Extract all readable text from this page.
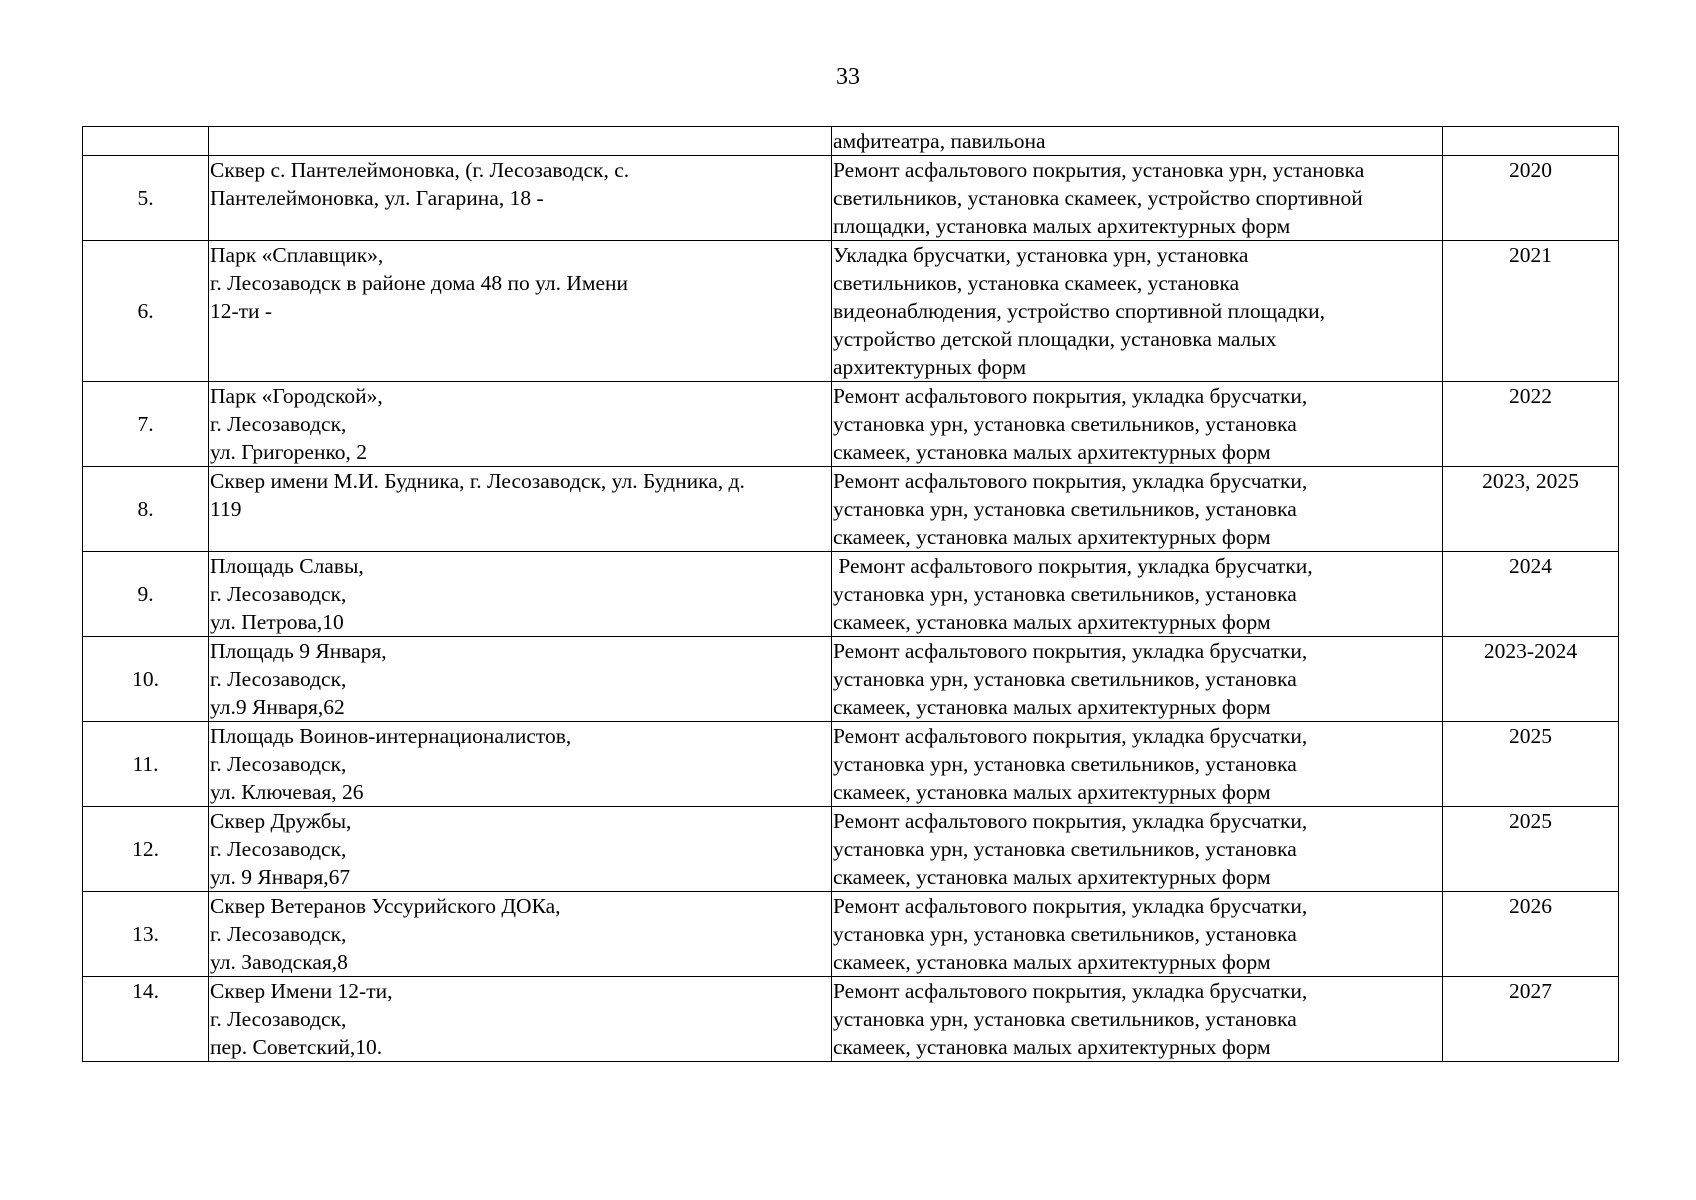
33

		амфитеатра, павильона	

5.	Сквер с. Пантелеймоновка, (г. Лесозаводск, с.
Пантелеймоновка, ул. Гагарина, 18 -	Ремонт асфальтового покрытия, установка урн, установка
светильников, установка скамеек, устройство спортивной
площадки, установка малых архитектурных форм	2020
6.	Парк «Сплавщик»,
г. Лесозаводск в районе дома 48 по ул. Имени
12-ти -	Укладка брусчатки, установка урн, установка
светильников, установка скамеек, установка
видеонаблюдения, устройство спортивной площадки,
устройство детской площадки, установка малых
архитектурных форм	2021
7.	Парк «Городской»,
г. Лесозаводск,
ул. Григоренко, 2	Ремонт асфальтового покрытия, укладка брусчатки,
установка урн, установка светильников, установка
скамеек, установка малых архитектурных форм	2022
8.	Сквер имени М.И. Будника, г. Лесозаводск, ул. Будника, д.
119	Ремонт асфальтового покрытия, укладка брусчатки,
установка урн, установка светильников, установка
скамеек, установка малых архитектурных форм	2023, 2025
9.	Площадь Славы,
г. Лесозаводск,
ул. Петрова,10	Ремонт асфальтового покрытия, укладка брусчатки,
установка урн, установка светильников, установка
скамеек, установка малых архитектурных форм	2024
10.	Площадь 9 Января,
г. Лесозаводск,
ул.9 Января,62	Ремонт асфальтового покрытия, укладка брусчатки,
установка урн, установка светильников, установка
скамеек, установка малых архитектурных форм	2023-2024
11.	Площадь Воинов-интернационалистов,
г. Лесозаводск,
ул. Ключевая, 26	Ремонт асфальтового покрытия, укладка брусчатки,
установка урн, установка светильников, установка
скамеек, установка малых архитектурных форм	2025
12.	Сквер Дружбы,
г. Лесозаводск,
ул. 9 Января,67	Ремонт асфальтового покрытия, укладка брусчатки,
установка урн, установка светильников, установка
скамеек, установка малых архитектурных форм	2025
13.	Сквер Ветеранов Уссурийского ДОКа,
г. Лесозаводск,
ул. Заводская,8	Ремонт асфальтового покрытия, укладка брусчатки,
установка урн, установка светильников, установка
скамеек, установка малых архитектурных форм	2026
14.	Сквер Имени 12-ти,
г. Лесозаводск,
пер. Советский,10.	Ремонт асфальтового покрытия, укладка брусчатки,
установка урн, установка светильников, установка
скамеек, установка малых архитектурных форм	2027
